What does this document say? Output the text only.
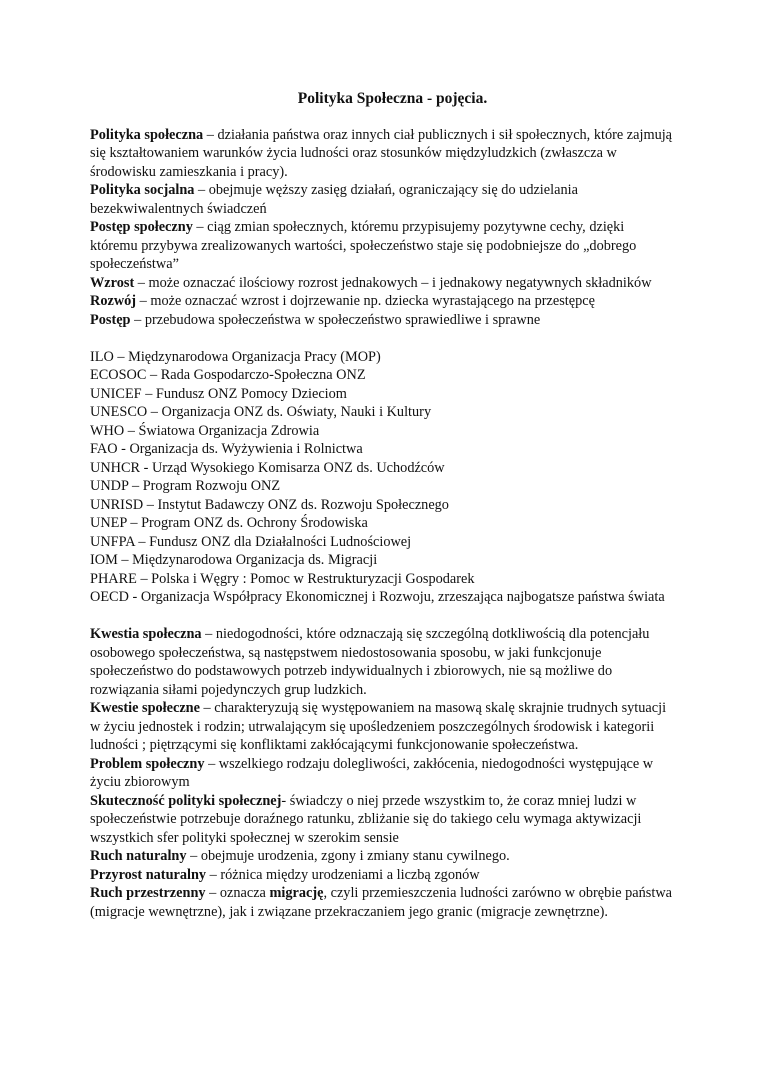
Polityka Społeczna - pojęcia.

Polityka społeczna – działania państwa oraz innych ciał publicznych i sił społecznych, które zajmują się kształtowaniem warunków życia ludności oraz stosunków międzyludzkich (zwłaszcza w środowisku zamieszkania i pracy).

Polityka socjalna – obejmuje węższy zasięg działań, ograniczający się do udzielania bezekwiwalentnych świadczeń

Postęp społeczny – ciąg zmian społecznych, któremu przypisujemy pozytywne cechy, dzięki któremu przybywa zrealizowanych wartości, społeczeństwo staje się podobniejsze do „dobrego społeczeństwa”

Wzrost – może oznaczać ilościowy rozrost jednakowych – i jednakowy negatywnych składników

Rozwój – może oznaczać wzrost i dojrzewanie np. dziecka wyrastającego na przestępcę

Postęp – przebudowa społeczeństwa w społeczeństwo sprawiedliwe i sprawne

ILO – Międzynarodowa Organizacja Pracy (MOP)

ECOSOC – Rada Gospodarczo-Społeczna ONZ

UNICEF – Fundusz ONZ Pomocy Dzieciom

UNESCO – Organizacja ONZ ds. Oświaty, Nauki i Kultury

WHO – Światowa Organizacja Zdrowia

FAO - Organizacja ds. Wyżywienia i Rolnictwa

UNHCR - Urząd Wysokiego Komisarza ONZ ds. Uchodźców

UNDP – Program Rozwoju ONZ

UNRISD – Instytut Badawczy ONZ ds. Rozwoju Społecznego

UNEP – Program ONZ ds. Ochrony Środowiska

UNFPA – Fundusz ONZ dla Działalności Ludnościowej

IOM – Międzynarodowa Organizacja ds. Migracji

PHARE – Polska i Węgry : Pomoc w Restrukturyzacji Gospodarek

OECD - Organizacja Współpracy Ekonomicznej i Rozwoju, zrzeszająca najbogatsze państwa świata

Kwestia społeczna – niedogodności, które odznaczają się szczególną dotkliwością dla potencjału osobowego społeczeństwa, są następstwem niedostosowania sposobu, w jaki funkcjonuje społeczeństwo do podstawowych potrzeb indywidualnych i zbiorowych, nie są możliwe do rozwiązania siłami pojedynczych grup ludzkich.

Kwestie społeczne – charakteryzują się występowaniem na masową skalę skrajnie trudnych sytuacji w życiu jednostek i rodzin; utrwalającym się upośledzeniem poszczególnych środowisk i kategorii ludności ; piętrzącymi się konfliktami zakłócającymi funkcjonowanie społeczeństwa.

Problem społeczny – wszelkiego rodzaju dolegliwości, zakłócenia, niedogodności występujące w życiu zbiorowym

Skuteczność polityki społecznej- świadczy o niej przede wszystkim to, że coraz mniej ludzi w społeczeństwie potrzebuje doraźnego ratunku, zbliżanie się do takiego celu wymaga aktywizacji wszystkich sfer polityki społecznej w szerokim sensie

Ruch naturalny – obejmuje urodzenia, zgony i zmiany stanu cywilnego.

Przyrost naturalny – różnica między urodzeniami a liczbą zgonów

Ruch przestrzenny – oznacza migrację, czyli przemieszczenia ludności zarówno w obrębie państwa (migracje wewnętrzne), jak i związane przekraczaniem jego granic (migracje zewnętrzne).
